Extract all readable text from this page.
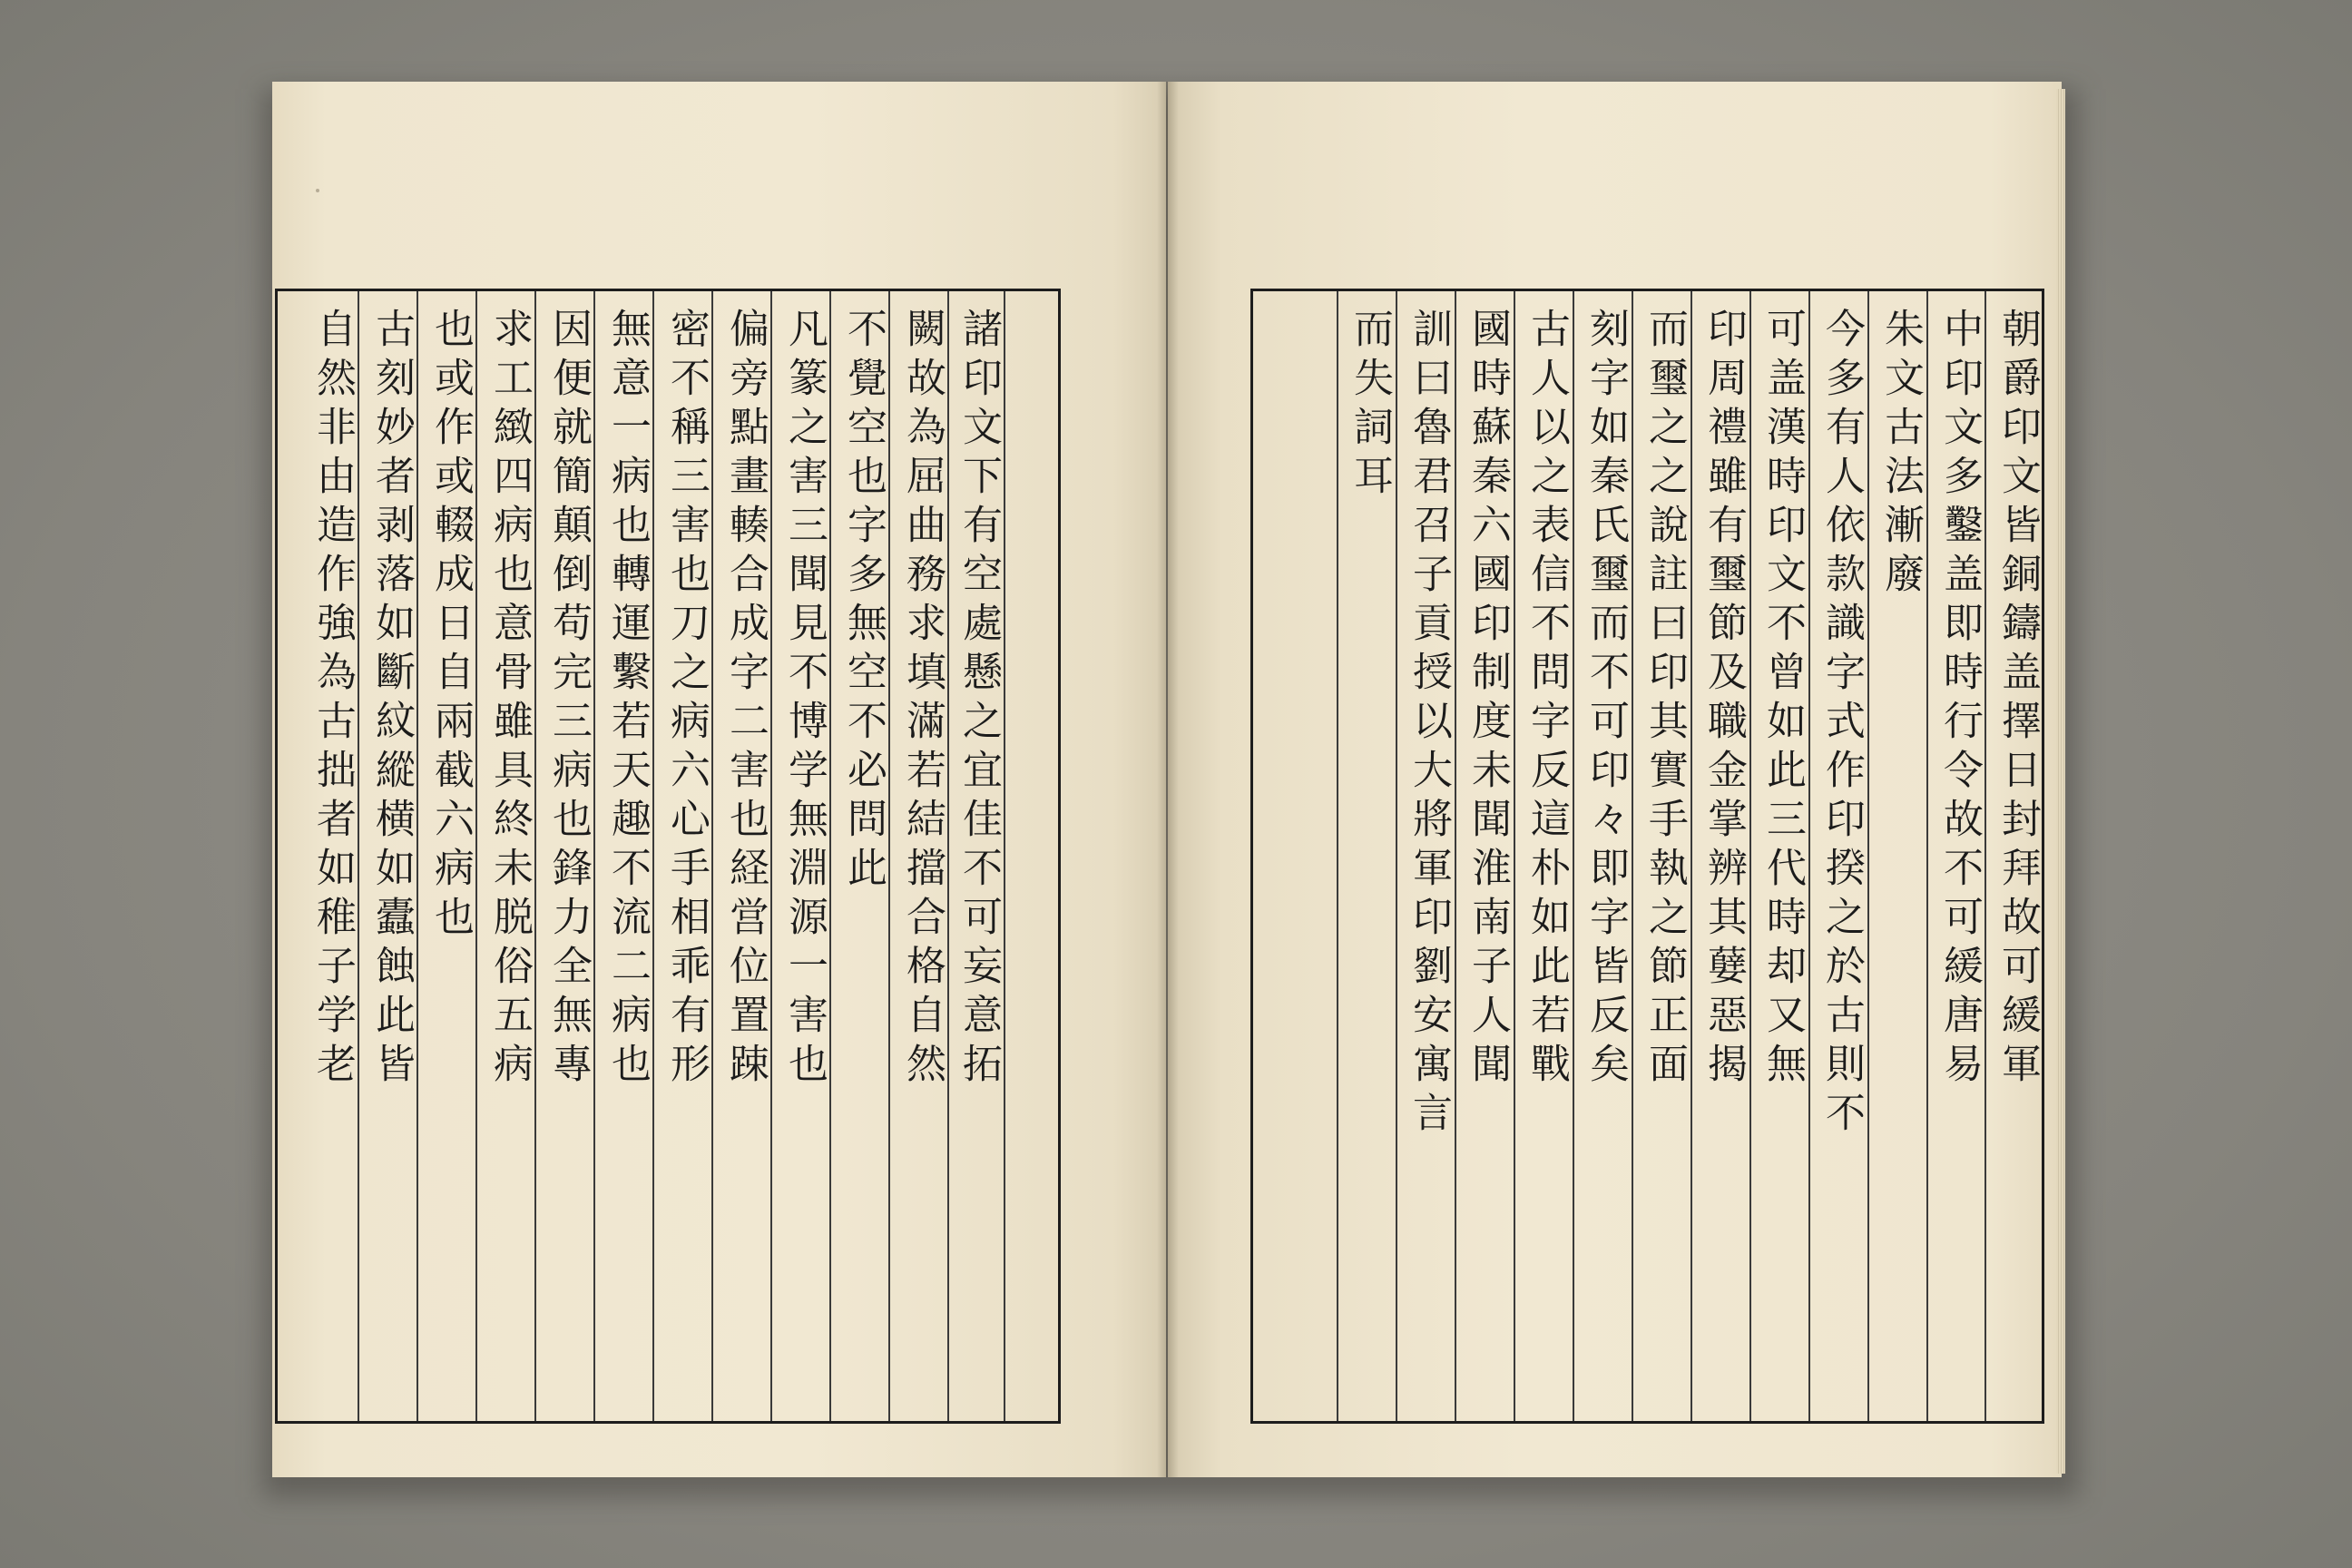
諸印文下有空處懸之宜佳不可妄意拓
闕故為屈曲務求填滿若結擋合格自然
不覺空也字多無空不必問此
凡篆之害三聞見不博学無淵源一害也
偏旁點畫輳合成字二害也経営位置踈
密不稱三害也刀之病六心手相乖有形
無意一病也轉運繫若天趣不流二病也
因便就簡顛倒苟完三病也鋒力全無專
求工緻四病也意骨雖具終未脱俗五病
也或作或輟成日自兩截六病也
古刻妙者剥落如斷紋縱横如蠹蝕此皆
自然非由造作強為古拙者如稚子学老	朝爵印文皆銅鑄盖擇日封拜故可緩軍
中印文多鑿盖即時行令故不可緩唐易
朱文古法漸廢
今多有人依款識字式作印揆之於古則不
可盖漢時印文不曾如此三代時却又無
印周禮雖有璽節及職金掌辨其㜸惡揭
而璽之之說註曰印其實手執之節正面
刻字如秦氏璽而不可印々即字皆反矣
古人以之表信不問字反這朴如此若戰
國時蘇秦六國印制度未聞淮南子人聞
訓曰魯君召子貢授以大將軍印劉安寓言
而失詞耳
